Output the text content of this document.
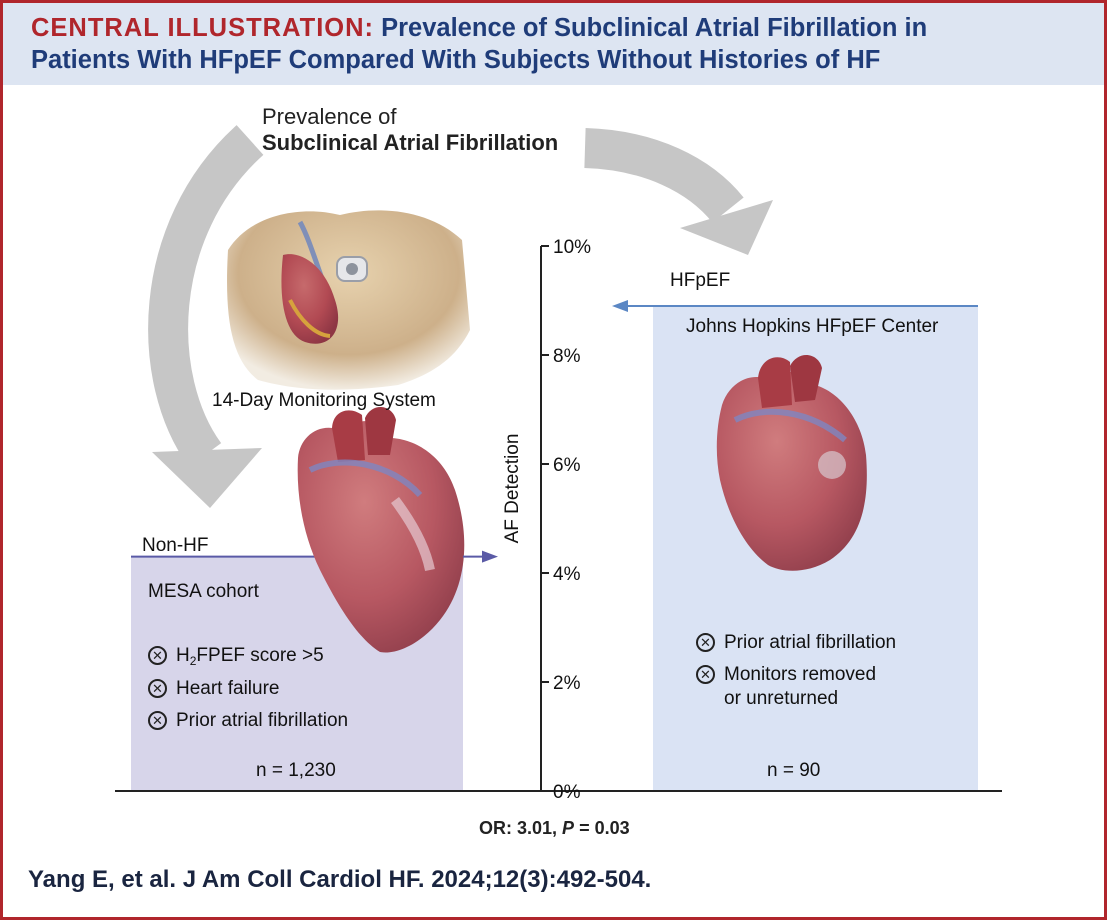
CENTRAL ILLUSTRATION: Prevalence of Subclinical Atrial Fibrillation in
Patients With HFpEF Compared With Subjects Without Histories of HF
Prevalence of
Subclinical Atrial Fibrillation
0%
2%
4%
6%
8%
10%
AF Detection
14-Day Monitoring System
Non-HF
MESA cohort
✕ $H_2FPEF$ score >5
✕ Heart failure
✕ Prior atrial fibrillation
n = 1,230
HFpEF
Johns Hopkins HFpEF Center
✕ Prior atrial fibrillation
✕ Monitors removed
or unreturned
n = 90
OR: 3.01, P = 0.03
Yang E, et al. J Am Coll Cardiol HF. 2024;12(3):492-504.
